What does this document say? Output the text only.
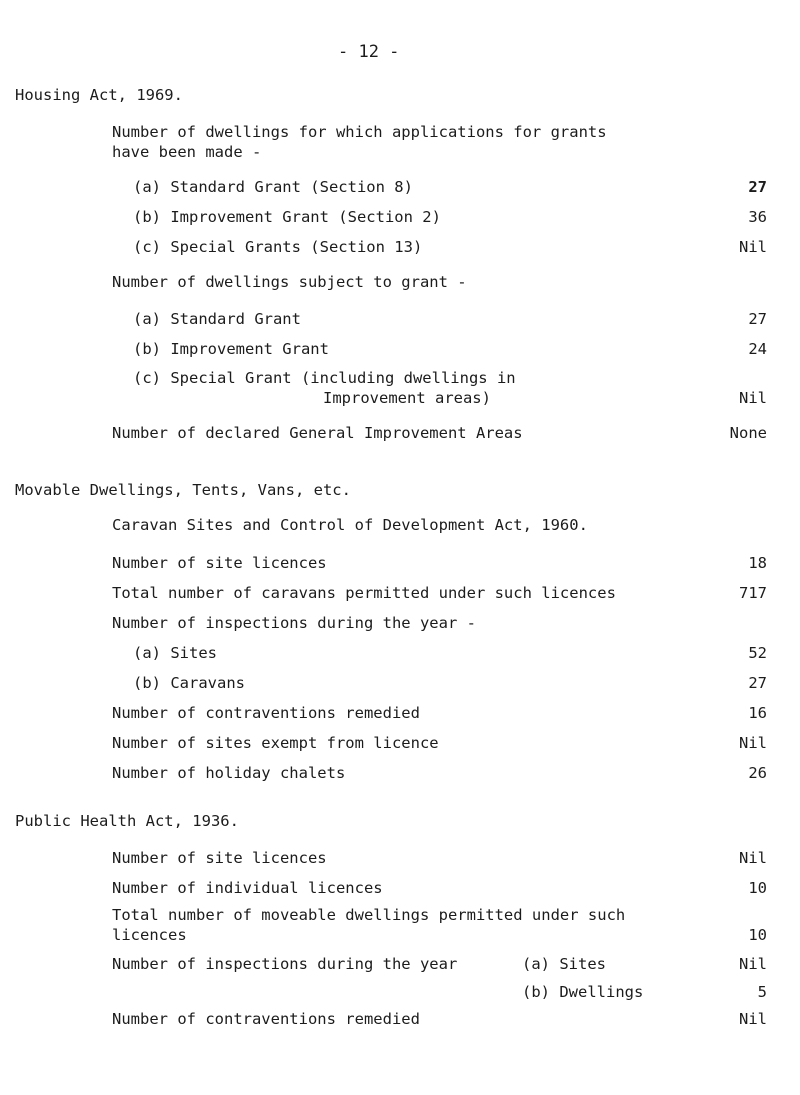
- 12 -
Housing Act, 1969.
Number of dwellings for which applications for grants
have been made -
(a) Standard Grant (Section 8)	27
(b) Improvement Grant (Section 2)	36
(c) Special Grants (Section 13)	Nil
Number of dwellings subject to grant -
(a) Standard Grant	27
(b) Improvement Grant	24
(c) Special Grant (including dwellings in
Improvement areas)	Nil
Number of declared General Improvement Areas	None
Movable Dwellings, Tents, Vans, etc.
Caravan Sites and Control of Development Act, 1960.
Number of site licences	18
Total number of caravans permitted under such licences	717
Number of inspections during the year -
(a) Sites	52
(b) Caravans	27
Number of contraventions remedied	16
Number of sites exempt from licence	Nil
Number of holiday chalets	26
Public Health Act, 1936.
Number of site licences	Nil
Number of individual licences	10
Total number of moveable dwellings permitted under such
licences	10
Number of inspections during the year	(a) Sites	Nil
(b) Dwellings	5
Number of contraventions remedied	Nil
